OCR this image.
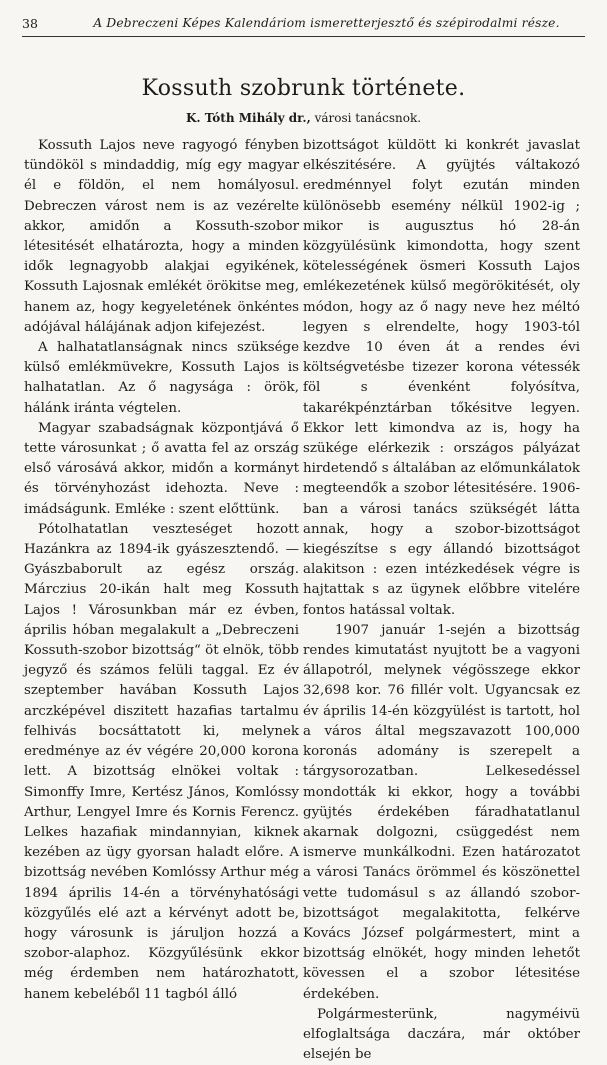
38	A Debreczeni Képes Kalendáriom ismeretterjesztő és szépirodalmi része.
Kossuth szobrunk története.
K. Tóth Mihály dr., városi tanácsnok.

Kossuth Lajos neve ragyogó fényben tündököl s mindaddig, míg egy magyar él e földön, el nem homályosul. Debreczen várost nem is az vezérelte akkor, amidőn a Kossuth-szobor létesitését elhatározta, hogy a minden idők legnagyobb alakjai egyikének, Kossuth Lajosnak emlékét örökitse meg, hanem az, hogy kegyeletének önkéntes adójával hálájának adjon kifejezést.

A halhatatlanságnak nincs szüksége külső emlékmüvekre, Kossuth Lajos is halhatatlan. Az ő nagysága : örök, hálánk iránta végtelen.

Magyar szabadságnak központjává ő tette városunkat ; ő avatta fel az ország első városává akkor, midőn a kormányt és törvényhozást idehozta. Neve : imádságunk. Emléke : szent előttünk.

Pótolhatatlan veszteséget hozott Hazánkra az 1894-ik gyászesztendő. — Gyászbaborult az egész ország. Márczius 20-ikán halt meg Kossuth Lajos ! Városunkban már ez évben, április hóban megalakult a „Debreczeni Kossuth-szobor bizottság“ öt elnök, több jegyző és számos felüli taggal. Ez év szeptember havában Kossuth Lajos arczképével diszitett hazafias tartalmu felhivás bocsáttatott ki, melynek eredménye az év végére 20,000 korona lett. A bizottság elnökei voltak : Simonffy Imre, Kertész János, Komlóssy Arthur, Lengyel Imre és Kornis Ferencz. Lelkes hazafiak mindannyian, kiknek kezében az ügy gyorsan haladt előre. A bizottság nevében Komlóssy Arthur még 1894 április 14-én a törvényhatósági közgyűlés elé azt a kérvényt adott be, hogy városunk is járuljon hozzá a szobor-alaphoz. Közgyűlésünk ekkor még érdemben nem határozhatott, hanem kebeléből 11 tagból álló

bizottságot küldött ki konkrét javaslat elkészitésére. A gyüjtés váltakozó eredménnyel folyt ezután minden különösebb esemény nélkül 1902-ig ; mikor is augusztus hó 28-án közgyülésünk kimondotta, hogy szent kötelességének ösmeri Kossuth Lajos emlékezetének külső megörökitését, oly módon, hogy az ő nagy neve hez méltó legyen s elrendelte, hogy 1903-tól kezdve 10 éven át a rendes évi költségvetésbe tizezer korona vétessék föl s évenként folyósítva, takarékpénztárban tőkésitve legyen. Ekkor lett kimondva az is, hogy ha szükége elérkezik : országos pályázat hirdetendő s általában az előmunkálatok megteendők a szobor létesitésére. 1906-ban a városi tanács szükségét látta annak, hogy a szobor-bizottságot kiegészítse s egy állandó bizottságot alakitson : ezen intézkedések végre is hajtattak s az ügynek előbbre vitelére fontos hatással voltak.

1907 január 1-sején a bizottság rendes kimutatást nyujtott be a vagyoni állapotról, melynek végösszege ekkor 32,698 kor. 76 fillér volt. Ugyancsak ez év április 14-én közgyülést is tartott, hol a város által megszavazott 100,000 koronás adomány is szerepelt a tárgysorozatban. Lelkesedéssel mondották ki ekkor, hogy a további gyüjtés érdekében fáradhatatlanul akarnak dolgozni, csüggedést nem ismerve munkálkodni. Ezen határozatot a városi Tanács örömmel és köszönettel vette tudomásul s az állandó szobor-bizottságot megalakitotta, felkérve Kovács József polgármestert, mint a bizottság elnökét, hogy minden lehetőt kövessen el a szobor létesitése érdekében.

Polgármesterünk, nagyméivü elfoglaltsága daczára, már október elsején be
